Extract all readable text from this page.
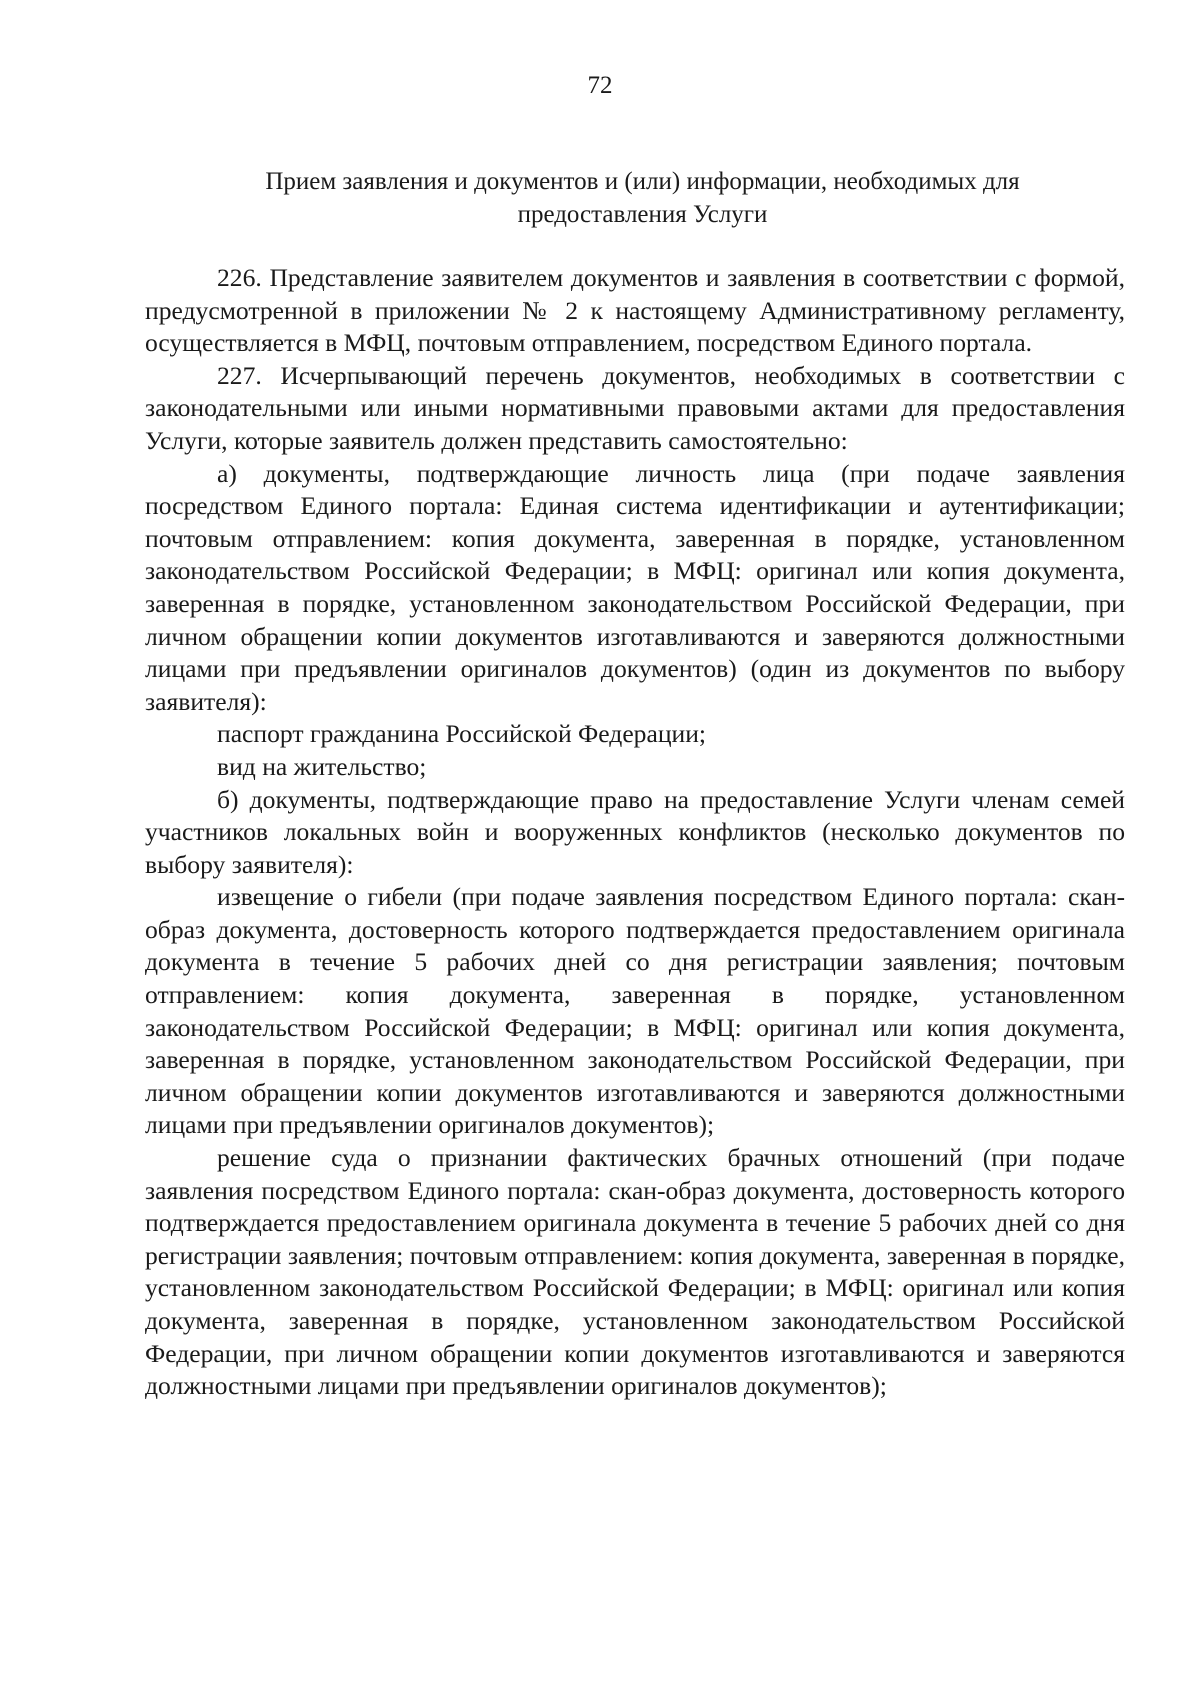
72
Прием заявления и документов и (или) информации, необходимых для
предоставления Услуги

226. Представление заявителем документов и заявления в соответствии с формой, предусмотренной в приложении № 2 к настоящему Административному регламенту, осуществляется в МФЦ, почтовым отправлением, посредством Единого портала.

227. Исчерпывающий перечень документов, необходимых в соответствии с законодательными или иными нормативными правовыми актами для предоставления Услуги, которые заявитель должен представить самостоятельно:

а) документы, подтверждающие личность лица (при подаче заявления посредством Единого портала: Единая система идентификации и аутентификации; почтовым отправлением: копия документа, заверенная в порядке, установленном законодательством Российской Федерации; в МФЦ: оригинал или копия документа, заверенная в порядке, установленном законодательством Российской Федерации, при личном обращении копии документов изготавливаются и заверяются должностными лицами при предъявлении оригиналов документов) (один из документов по выбору заявителя):

паспорт гражданина Российской Федерации;

вид на жительство;

б) документы, подтверждающие право на предоставление Услуги членам семей участников локальных войн и вооруженных конфликтов (несколько документов по выбору заявителя):

извещение о гибели (при подаче заявления посредством Единого портала: скан-образ документа, достоверность которого подтверждается предоставлением оригинала документа в течение 5 рабочих дней со дня регистрации заявления; почтовым отправлением: копия документа, заверенная в порядке, установленном законодательством Российской Федерации; в МФЦ: оригинал или копия документа, заверенная в порядке, установленном законодательством Российской Федерации, при личном обращении копии документов изготавливаются и заверяются должностными лицами при предъявлении оригиналов документов);

решение суда о признании фактических брачных отношений (при подаче заявления посредством Единого портала: скан-образ документа, достоверность которого подтверждается предоставлением оригинала документа в течение 5 рабочих дней со дня регистрации заявления; почтовым отправлением: копия документа, заверенная в порядке, установленном законодательством Российской Федерации; в МФЦ: оригинал или копия документа, заверенная в порядке, установленном законодательством Российской Федерации, при личном обращении копии документов изготавливаются и заверяются должностными лицами при предъявлении оригиналов документов);
